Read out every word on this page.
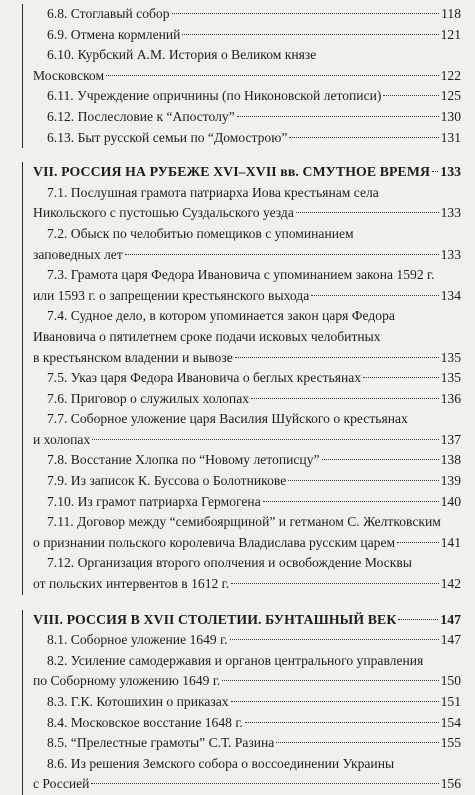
6.8. Стоглавый собор	118
6.9. Отмена кормлений	121
6.10. Курбский А.М. История о Великом князе
Московском	122
6.11. Учреждение опричнины (по Никоновской летописи)	125
6.12. Послесловие к “Апостолу”	130
6.13. Быт русской семьи по “Домострою”	131
VII. РОССИЯ НА РУБЕЖЕ XVI–XVII вв. СМУТНОЕ ВРЕМЯ 133
7.1. Послушная грамота патриарха Иова крестьянам села
Никольского с пустошью Суздальского уезда	133
7.2. Обыск по челобитью помещиков с упоминанием
заповедных лет	133
7.3. Грамота царя Федора Ивановича с упоминанием закона 1592 г.
или 1593 г. о запрещении крестьянского выхода	134
7.4. Судное дело, в котором упоминается закон царя Федора
Ивановича о пятилетнем сроке подачи исковых челобитных
в крестьянском владении и вывозе	135
7.5. Указ царя Федора Ивановича о беглых крестьянах	135
7.6. Приговор о служилых холопах	136
7.7. Соборное уложение царя Василия Шуйского о крестьянах
и холопах	137
7.8. Восстание Хлопка по “Новому летописцу”	138
7.9. Из записок К. Буссова о Болотникове	139
7.10. Из грамот патриарха Гермогена	140
7.11. Договор между “семибоярщиной” и гетманом С. Желтковским
о признании польского королевича Владислава русским царем	141
7.12. Организация второго ополчения и освобождение Москвы
от польских интервентов в 1612 г.	142
VIII. РОССИЯ В XVII СТОЛЕТИИ. БУНТАШНЫЙ ВЕК	147
8.1. Соборное уложение 1649 г.	147
8.2. Усиление самодержавия и органов центрального управления
по Соборному уложению 1649 г.	150
8.3. Г.К. Котошихин о приказах	151
8.4. Московское восстание 1648 г.	154
8.5. “Прелестные грамоты” С.Т. Разина	155
8.6. Из решения Земского собора о воссоединении Украины
с Россией	156
